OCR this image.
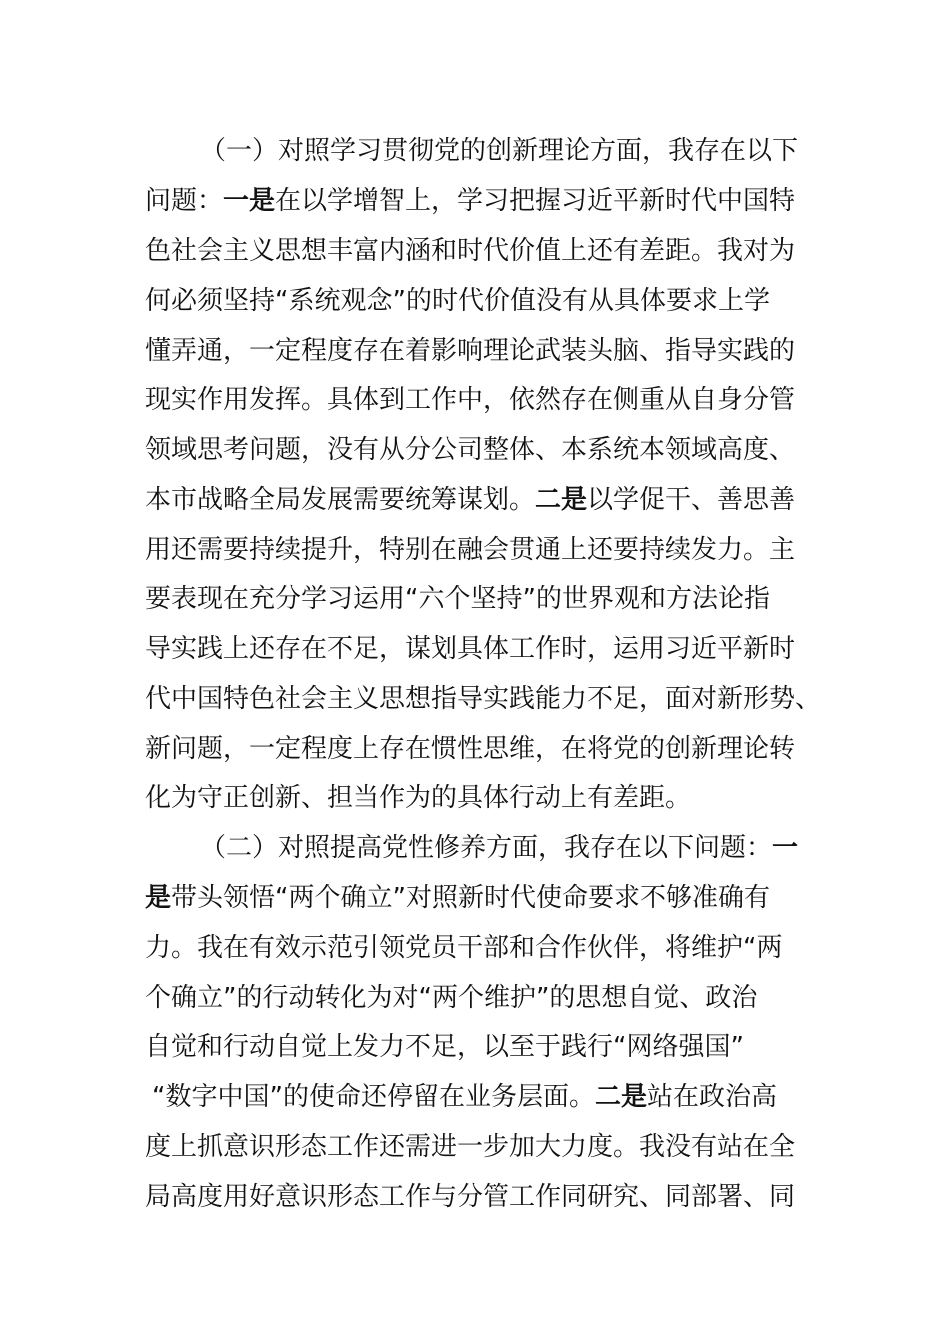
（一）对照学习贯彻党的创新理论方面，我存在以下
问题：一是在以学增智上，学习把握习近平新时代中国特
色社会主义思想丰富内涵和时代价值上还有差距。我对为
何必须坚持“系统观念”的时代价值没有从具体要求上学
懂弄通，一定程度存在着影响理论武装头脑、指导实践的
现实作用发挥。具体到工作中，依然存在侧重从自身分管
领域思考问题，没有从分公司整体、本系统本领域高度、
本市战略全局发展需要统筹谋划。二是以学促干、善思善
用还需要持续提升，特别在融会贯通上还要持续发力。主
要表现在充分学习运用“六个坚持”的世界观和方法论指
导实践上还存在不足，谋划具体工作时，运用习近平新时
代中国特色社会主义思想指导实践能力不足，面对新形势、
新问题，一定程度上存在惯性思维，在将党的创新理论转
化为守正创新、担当作为的具体行动上有差距。
（二）对照提高党性修养方面，我存在以下问题：一
是带头领悟“两个确立”对照新时代使命要求不够准确有
力。我在有效示范引领党员干部和合作伙伴，将维护“两
个确立”的行动转化为对“两个维护”的思想自觉、政治
自觉和行动自觉上发力不足，以至于践行“网络强国”
“数字中国”的使命还停留在业务层面。二是站在政治高
度上抓意识形态工作还需进一步加大力度。我没有站在全
局高度用好意识形态工作与分管工作同研究、同部署、同
